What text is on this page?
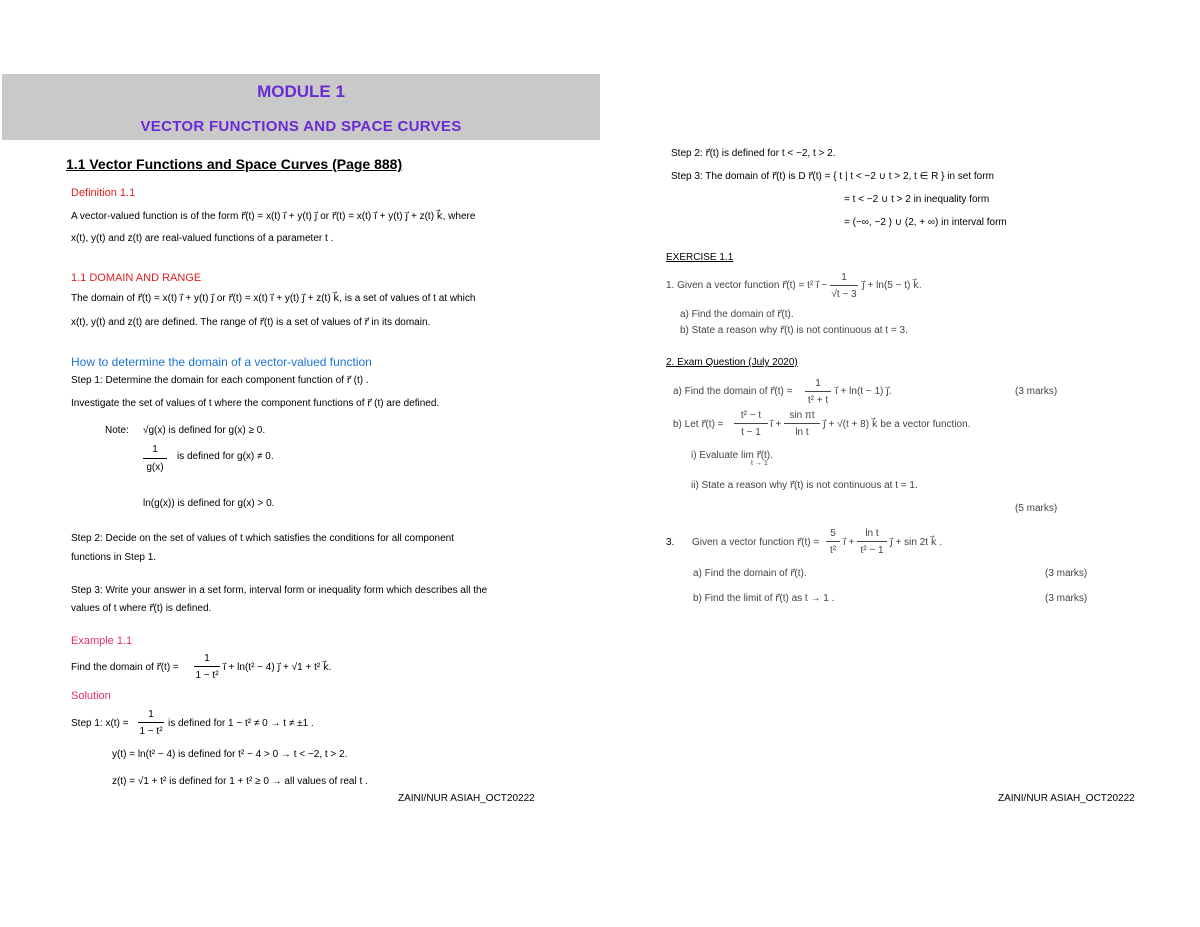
MODULE 1
VECTOR FUNCTIONS AND SPACE CURVES
1.1 Vector Functions and Space Curves (Page 888)
Definition 1.1
A vector-valued function is of the form r⃗(t) = x(t) i⃗ + y(t) j⃗ or r⃗(t) = x(t) i⃗ + y(t) j⃗ + z(t) k⃗, where
x(t), y(t) and z(t) are real-valued functions of a parameter t .
1.1 DOMAIN AND RANGE
The domain of r⃗(t) = x(t) i⃗ + y(t) j⃗ or r⃗(t) = x(t) i⃗ + y(t) j⃗ + z(t) k⃗, is a set of values of t at which
x(t), y(t) and z(t) are defined. The range of r⃗(t) is a set of values of r⃗ in its domain.
How to determine the domain of a vector-valued function
Step 1: Determine the domain for each component function of r⃗ (t) .
Investigate the set of values of t where the component functions of r⃗ (t) are defined.
Note: √g(x) is defined for g(x) ≥ 0.
1
g(x)
is defined for g(x) ≠ 0.
ln(g(x)) is defined for g(x) > 0.
Step 2: Decide on the set of values of t which satisfies the conditions for all component
functions in Step 1.
Step 3: Write your answer in a set form, interval form or inequality form which describes all the
values of t where r⃗(t) is defined.
Example 1.1
Find the domain of r⃗(t) =
1
1 − t²
i⃗ + ln(t² − 4) j⃗ + √1 + t² k⃗.
Solution
Step 1: x(t) =
1
1 − t²
is defined for 1 − t² ≠ 0 → t ≠ ±1 .
y(t) = ln(t² − 4) is defined for t² − 4 > 0 → t < −2, t > 2.
z(t) = √1 + t² is defined for 1 + t² ≥ 0 → all values of real t .
ZAINI/NUR ASIAH_OCT20222
Step 2: r⃗(t) is defined for t < −2, t > 2.
Step 3: The domain of r⃗(t) is D r⃗(t) = { t | t < −2 ∪ t > 2, t ∈ R } in set form
= t < −2 ∪ t > 2 in inequality form
= (−∞, −2 ) ∪ (2, + ∞) in interval form
EXERCISE 1.1
1. Given a vector function r⃗(t) = t² i⃗ −
1
√t − 3
j⃗ + ln(5 − t) k⃗.
a) Find the domain of r⃗(t).
b) State a reason why r⃗(t) is not continuous at t = 3.
2. Exam Question (July 2020)
a) Find the domain of r⃗(t) =
1
t² + t
i⃗ + ln(t − 1) j⃗.	(3 marks)
b) Let r⃗(t) =
t² − t
t − 1
i⃗ +
sin πt
ln t
j⃗ + √(t + 8) k⃗ be a vector function.
i) Evaluate lim r⃗(t).
t → 1
ii) State a reason why r⃗(t) is not continuous at t = 1.
(5 marks)
3. Given a vector function r⃗(t) =
5
t²
i⃗ +
ln t
t² − 1
j⃗ + sin 2t k⃗ .
a) Find the domain of r⃗(t).	(3 marks)
b) Find the limit of r⃗(t) as t → 1 .	(3 marks)
ZAINI/NUR ASIAH_OCT20222
